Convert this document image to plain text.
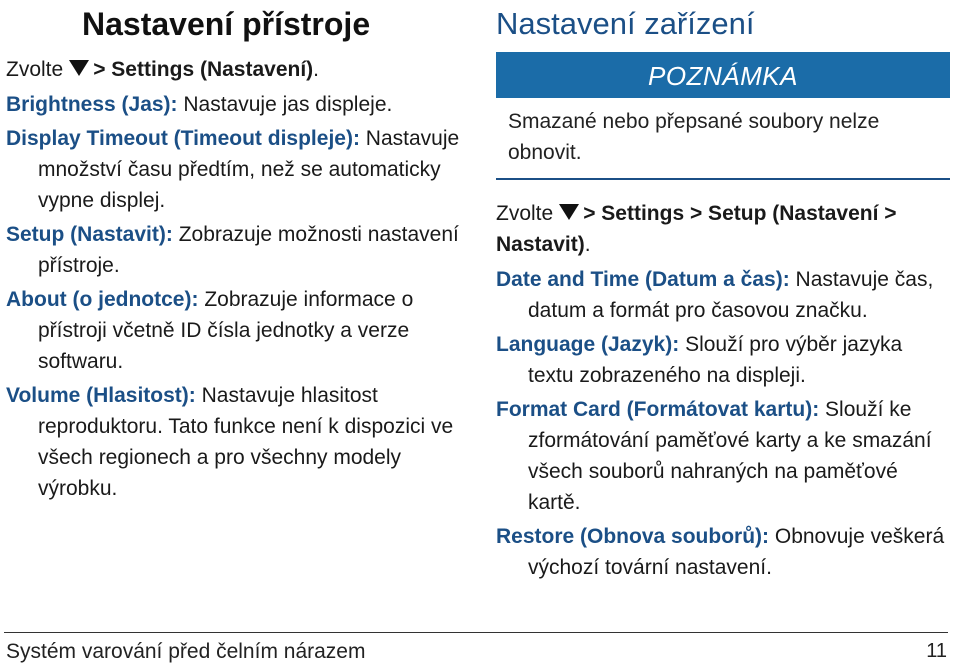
Nastavení přístroje

Zvolte > Settings (Nastavení).

Brightness (Jas): Nastavuje jas displeje.
Display Timeout (Timeout displeje): Nastavuje množství času předtím, než se automaticky vypne displej.
Setup (Nastavit): Zobrazuje možnosti nastavení přístroje.
About (o jednotce): Zobrazuje informace o přístroji včetně ID čísla jednotky a verze softwaru.
Volume (Hlasitost): Nastavuje hlasitost reproduktoru. Tato funkce není k dispozici ve všech regionech a pro všechny modely výrobku.
Nastavení zařízení
POZNÁMKA
Smazané nebo přepsané soubory nelze obnovit.

Zvolte > Settings > Setup (Nastavení > Nastavit).

Date and Time (Datum a čas): Nastavuje čas, datum a formát pro časovou značku.
Language (Jazyk): Slouží pro výběr jazyka textu zobrazeného na displeji.
Format Card (Formátovat kartu): Slouží ke zformátování paměťové karty a ke smazání všech souborů nahraných na paměťové kartě.
Restore (Obnova souborů): Obnovuje veškerá výchozí tovární nastavení.
Systém varování před čelním nárazem	11
